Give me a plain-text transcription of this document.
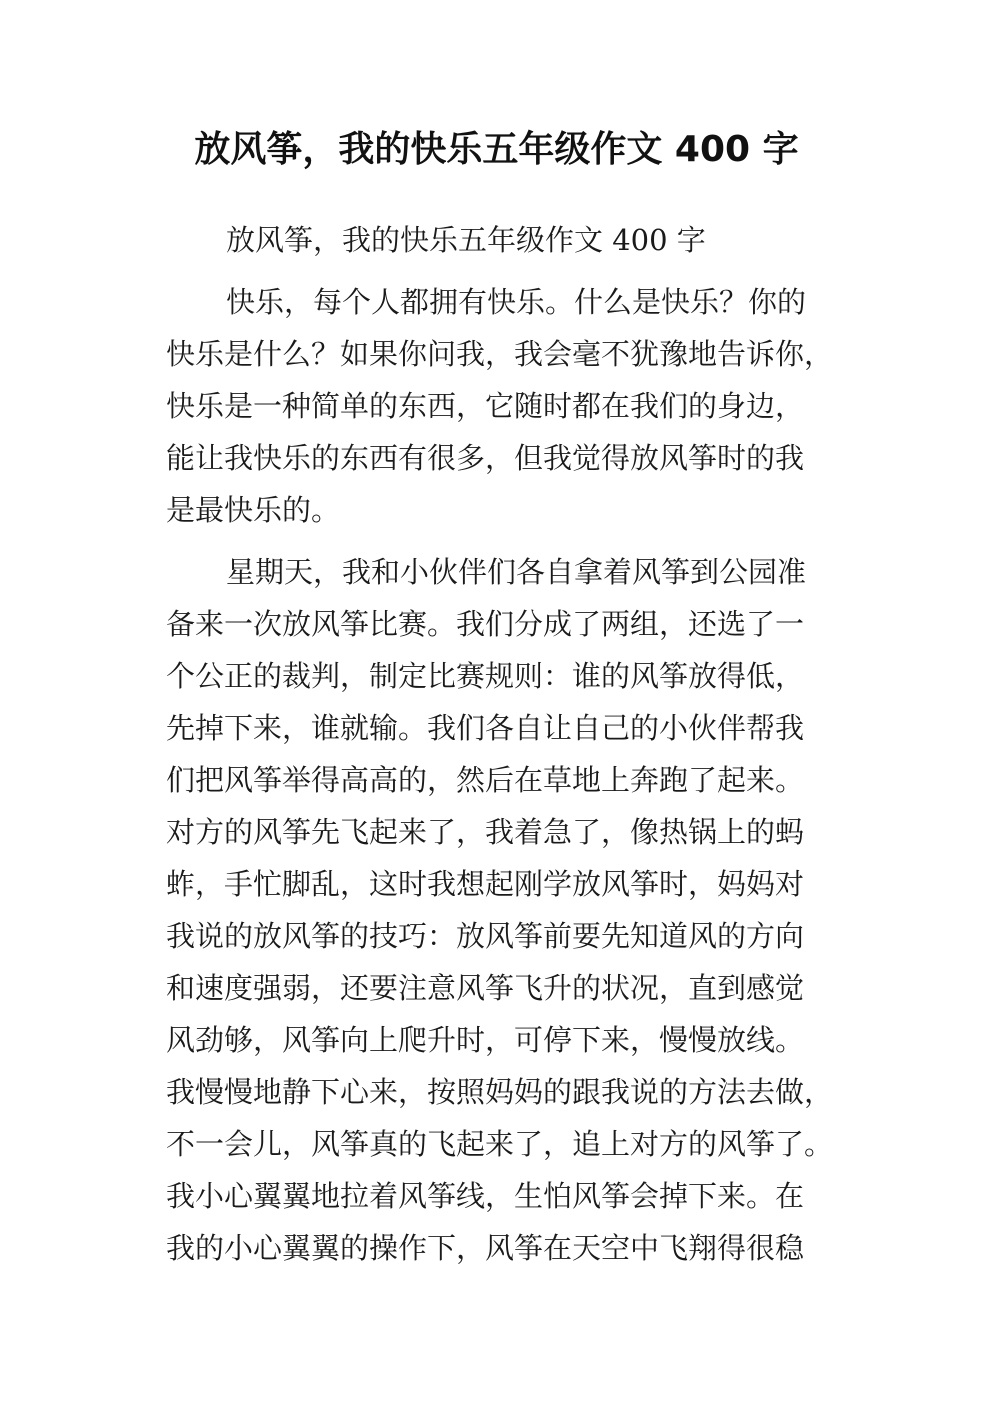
放风筝，我的快乐五年级作文 400 字
放风筝，我的快乐五年级作文 400 字
快乐，每个人都拥有快乐。什么是快乐？你的
快乐是什么？如果你问我，我会毫不犹豫地告诉你，
快乐是一种简单的东西，它随时都在我们的身边，
能让我快乐的东西有很多，但我觉得放风筝时的我
是最快乐的。
星期天，我和小伙伴们各自拿着风筝到公园准
备来一次放风筝比赛。我们分成了两组，还选了一
个公正的裁判，制定比赛规则：谁的风筝放得低，
先掉下来，谁就输。我们各自让自己的小伙伴帮我
们把风筝举得高高的，然后在草地上奔跑了起来。
对方的风筝先飞起来了，我着急了，像热锅上的蚂
蚱，手忙脚乱，这时我想起刚学放风筝时，妈妈对
我说的放风筝的技巧：放风筝前要先知道风的方向
和速度强弱，还要注意风筝飞升的状况，直到感觉
风劲够，风筝向上爬升时，可停下来，慢慢放线。
我慢慢地静下心来，按照妈妈的跟我说的方法去做，
不一会儿，风筝真的飞起来了，追上对方的风筝了。
我小心翼翼地拉着风筝线，生怕风筝会掉下来。在
我的小心翼翼的操作下，风筝在天空中飞翔得很稳
